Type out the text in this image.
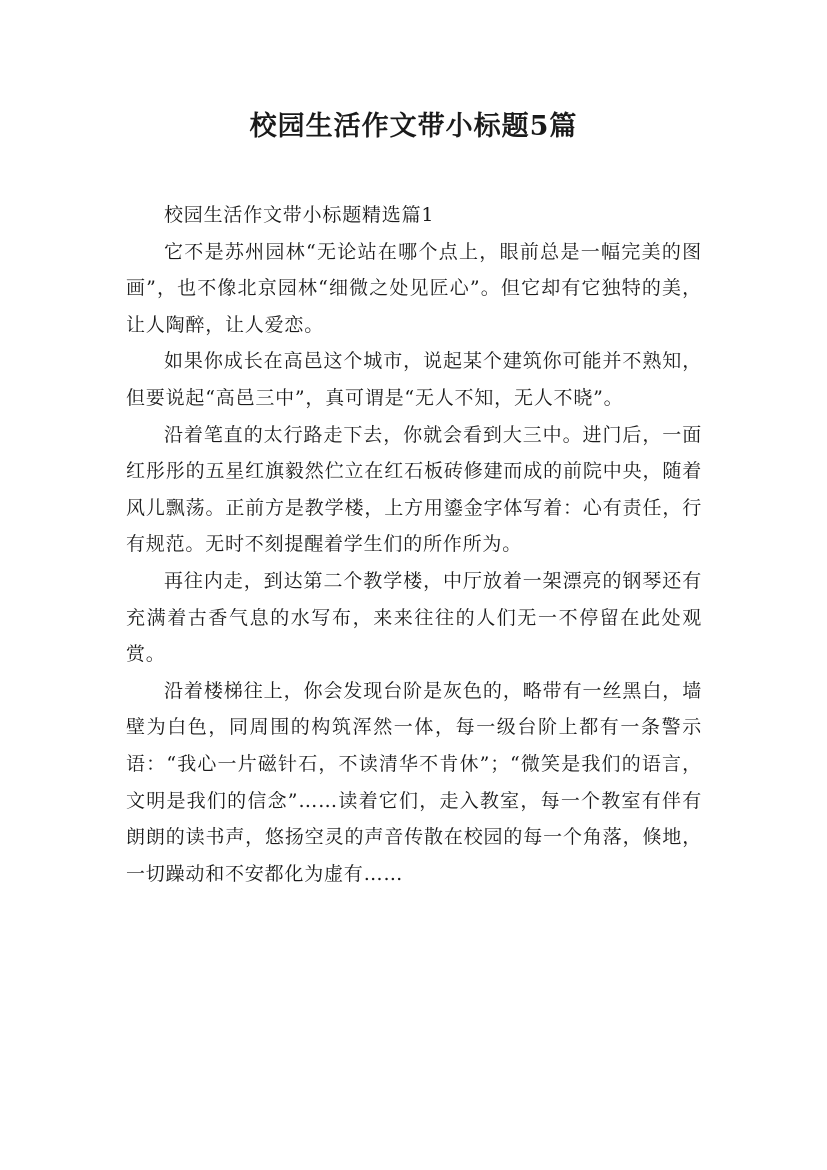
校园生活作文带小标题5篇

校园生活作文带小标题精选篇1

它不是苏州园林“无论站在哪个点上，眼前总是一幅完美的图画”，也不像北京园林“细微之处见匠心”。但它却有它独特的美，让人陶醉，让人爱恋。

如果你成长在高邑这个城市，说起某个建筑你可能并不熟知，但要说起“高邑三中”，真可谓是“无人不知，无人不晓”。

沿着笔直的太行路走下去，你就会看到大三中。进门后，一面红彤彤的五星红旗毅然伫立在红石板砖修建而成的前院中央，随着风儿飘荡。正前方是教学楼，上方用鎏金字体写着：心有责任，行有规范。无时不刻提醒着学生们的所作所为。

再往内走，到达第二个教学楼，中厅放着一架漂亮的钢琴还有充满着古香气息的水写布，来来往往的人们无一不停留在此处观赏。

沿着楼梯往上，你会发现台阶是灰色的，略带有一丝黑白，墙壁为白色，同周围的构筑浑然一体，每一级台阶上都有一条警示语：“我心一片磁针石，不读清华不肯休”；“微笑是我们的语言，文明是我们的信念”……读着它们，走入教室，每一个教室有伴有朗朗的读书声，悠扬空灵的声音传散在校园的每一个角落，倏地，一切躁动和不安都化为虚有……
